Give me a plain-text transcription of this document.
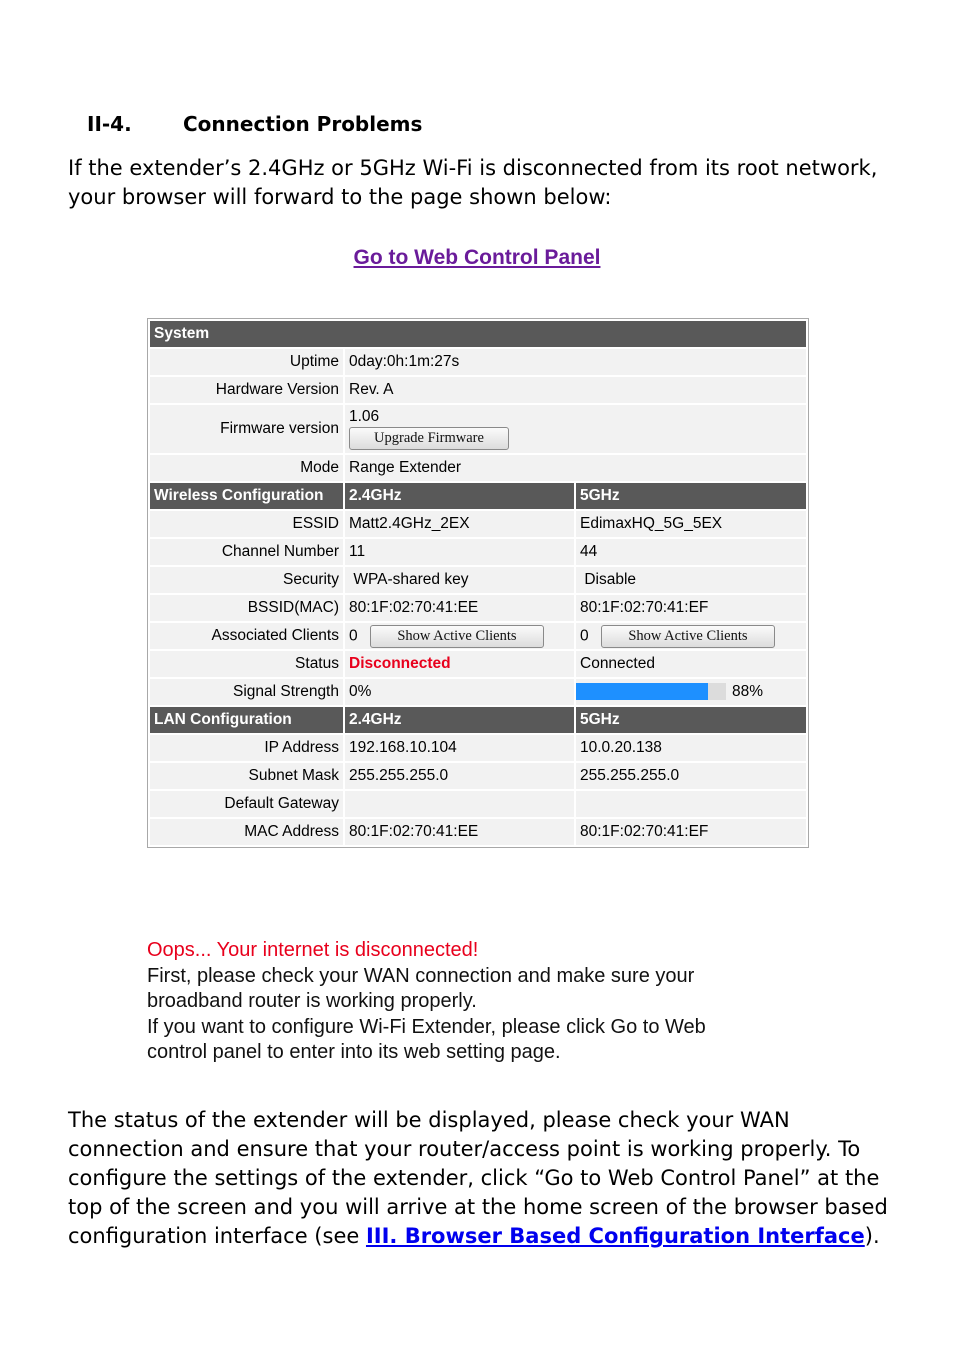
II-4.	Connection Problems

If the extender’s 2.4GHz or 5GHz Wi-Fi is disconnected from its root network, your browser will forward to the page shown below:

Go to Web Control Panel
System		
Uptime	0day:0h:1m:27s	
Hardware Version	Rev. A	
Firmware version	1.06
Upgrade Firmware	
Mode	Range Extender	
Wireless Configuration	2.4GHz	5GHz
ESSID	Matt2.4GHz_2EX	EdimaxHQ_5G_5EX
Channel Number	11	44
Security	WPA-shared key	Disable
BSSID(MAC)	80:1F:02:70:41:EE	80:1F:02:70:41:EF
Associated Clients	0 Show Active Clients	0 Show Active Clients
Status	Disconnected	Connected
Signal Strength	0%	88%
LAN Configuration	2.4GHz	5GHz
IP Address	192.168.10.104	10.0.20.138
Subnet Mask	255.255.255.0	255.255.255.0
Default Gateway		
MAC Address	80:1F:02:70:41:EE	80:1F:02:70:41:EF
Oops... Your internet is disconnected!
First, please check your WAN connection and make sure your
broadband router is working properly.
If you want to configure Wi-Fi Extender, please click Go to Web
control panel to enter into its web setting page.

The status of the extender will be displayed, please check your WAN connection and ensure that your router/access point is working properly. To configure the settings of the extender, click “Go to Web Control Panel” at the top of the screen and you will arrive at the home screen of the browser based configuration interface (see III. Browser Based Configuration Interface).
